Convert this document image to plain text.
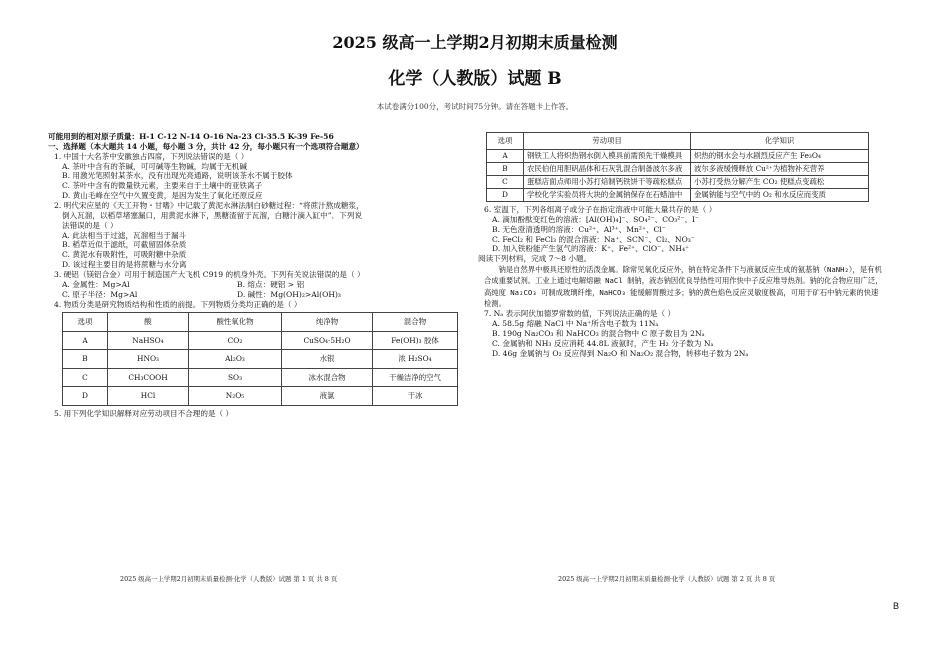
2025 级高一上学期2月初期末质量检测
化学（人教版）试题 B
本试卷满分100分，考试时间75分钟。请在答题卡上作答。

可能用到的相对原子质量：H-1 C-12 N-14 O-16 Na-23 Cl-35.5 K-39 Fe-56

一、选择题（本大题共 14 小题，每小题 3 分，共计 42 分，每小题只有一个选项符合题意）

1. 中国十大名茶中安徽独占四席，下列说法错误的是（ ）

A. 茶叶中含有的茶碱，可可碱等生物碱，均属于无机碱

B. 用激光笔照射某茶水，没有出现光亮通路，说明该茶水不属于胶体

C. 茶叶中含有的微量铁元素，主要来自于土壤中的亚铁离子

D. 黄山毛峰在空气中久置变黄，是因为发生了氧化还原反应

2. 明代宋应星的《天工开物・甘嗜》中记载了黄泥水淋法制白砂糖过程：“将蔗汁熬成糖浆，

倒入瓦溜，以稻草堵塞漏口，用黄泥水淋下，黑糖渣留于瓦溜，白糖汁滴入缸中”．下列说

法错误的是（ ）

A. 此法相当于过滤，瓦溜相当于漏斗

B. 稻草近似于滤纸，可截留固体杂质

C. 黄泥水有吸附性，可吸附糖中杂质

D. 该过程主要目的是将蔗糖与水分离

3. 硬铝（镁铝合金）可用于制造国产大飞机 C919 的机身外壳。下列有关说法错误的是（ ）

A. 金属性：Mg>Al	B. 熔点：硬铝 > 铝

C. 原子半径：Mg>Al	D. 碱性：Mg(OH)₂>Al(OH)₃

4. 物质分类是研究物质结构和性质的前提。下列物质分类均正确的是（ ）

选项	酸	酸性氧化物	纯净物	混合物
A	NaHSO₄	CO₂	CuSO₄·5H₂O	Fe(OH)₃ 胶体
B	HNO₃	Al₂O₃	水银	浓 H₂SO₄
C	CH₃COOH	SO₃	冰水混合物	干燥洁净的空气
D	HCl	N₂O₅	液氯	干冰

5. 用下列化学知识解释对应劳动项目不合理的是（ ）

选项	劳动项目	化学知识
A	钢铁工人将炽热钢水倒入模具前需预先干燥模具	炽热的钢水会与水剧烈反应产生 Fe₃O₄
B	农民伯伯用胆矾晶体和石灰乳混合制备波尔多液	波尔多液缓慢释放 Cu²⁺为植物补充营养
C	蛋糕店面点师用小苏打焙制钙铁饼干等疏松糕点	小苏打受热分解产生 CO₂ 使糕点变疏松
D	学校化学实验员将大块的金属钠保存在石蜡油中	金属钠能与空气中的 O₂ 和水反应而变质

6. 室温下，下列各组离子或分子在指定溶液中可能大量共存的是（ ）

A. 滴加酚酞变红色的溶液：[Al(OH)₄]⁻、SO₄²⁻、CO₃²⁻、I⁻

B. 无色澄清透明的溶液：Cu²⁺、Al³⁺、Mn²⁺、Cl⁻

C. FeCl₂ 和 FeCl₃ 的混合溶液：Na⁺、SCN⁻、Cl₂、NO₃⁻

D. 加入铁粉能产生氢气的溶液：K⁺、Fe²⁺、ClO⁻、NH₄⁺

阅读下列材料，完成 7～8 小题。

钠是自然界中极具还原性的活泼金属。除常见氧化反应外，钠在特定条件下与液氨反应生成的氨基钠（NaNH₂），是有机合成重要试剂。工业上通过电解熔融 NaCl 制钠，液态钠因优良导热性可用作快中子反应堆导热剂。钠的化合物应用广泛，高纯度 Na₂CO₃ 可制成玻璃纤维，NaHCO₃ 能缓解胃酸过多；钠的黄色焰色反应灵敏度极高，可用于矿石中钠元素的快速检测。

7. Nₐ 表示阿伏加德罗常数的值，下列说法正确的是（ ）

A. 58.5g 熔融 NaCl 中 Na⁺所含电子数为 11Nₐ

B. 190g Na₂CO₃ 和 NaHCO₃ 的混合物中 C 原子数目为 2Nₐ

C. 金属钠和 NH₃ 反应消耗 44.8L 液氨时，产生 H₂ 分子数为 Nₐ

D. 46g 金属钠与 O₂ 反应得到 Na₂O 和 Na₂O₂ 混合物，转移电子数为 2Nₐ

2025 级高一上学期2月初期末质量检测·化学（人教版）试题 第 1 页 共 8 页	2025 级高一上学期2月初期末质量检测·化学（人教版）试题 第 2 页 共 8 页
B
